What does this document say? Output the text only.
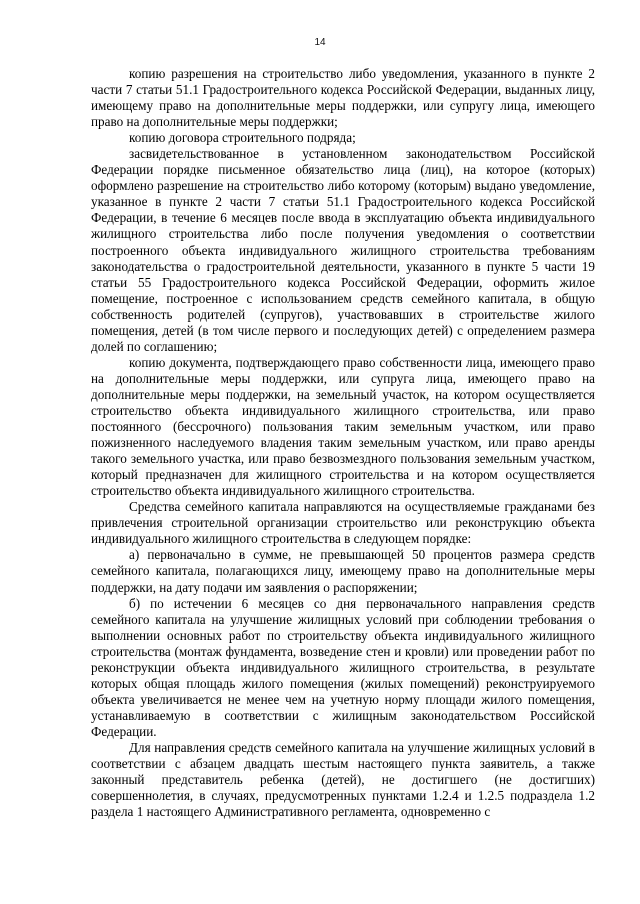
14

копию разрешения на строительство либо уведомления, указанного в пункте 2 части 7 статьи 51.1 Градостроительного кодекса Российской Федерации, выданных лицу, имеющему право на дополнительные меры поддержки, или супругу лица, имеющего право на дополнительные меры поддержки;

копию договора строительного подряда;

засвидетельствованное в установленном законодательством Российской Федерации порядке письменное обязательство лица (лиц), на которое (которых) оформлено разрешение на строительство либо которому (которым) выдано уведомление, указанное в пункте 2 части 7 статьи 51.1 Градостроительного кодекса Российской Федерации, в течение 6 месяцев после ввода в эксплуатацию объекта индивидуального жилищного строительства либо после получения уведомления о соответствии построенного объекта индивидуального жилищного строительства требованиям законодательства о градостроительной деятельности, указанного в пункте 5 части 19 статьи 55 Градостроительного кодекса Российской Федерации, оформить жилое помещение, построенное с использованием средств семейного капитала, в общую собственность родителей (супругов), участвовавших в строительстве жилого помещения, детей (в том числе первого и последующих детей) с определением размера долей по соглашению;

копию документа, подтверждающего право собственности лица, имеющего право на дополнительные меры поддержки, или супруга лица, имеющего право на дополнительные меры поддержки, на земельный участок, на котором осуществляется строительство объекта индивидуального жилищного строительства, или право постоянного (бессрочного) пользования таким земельным участком, или право пожизненного наследуемого владения таким земельным участком, или право аренды такого земельного участка, или право безвозмездного пользования земельным участком, который предназначен для жилищного строительства и на котором осуществляется строительство объекта индивидуального жилищного строительства.

Средства семейного капитала направляются на осуществляемые гражданами без привлечения строительной организации строительство или реконструкцию объекта индивидуального жилищного строительства в следующем порядке:

а) первоначально в сумме, не превышающей 50 процентов размера средств семейного капитала, полагающихся лицу, имеющему право на дополнительные меры поддержки, на дату подачи им заявления о распоряжении;

б) по истечении 6 месяцев со дня первоначального направления средств семейного капитала на улучшение жилищных условий при соблюдении требования о выполнении основных работ по строительству объекта индивидуального жилищного строительства (монтаж фундамента, возведение стен и кровли) или проведении работ по реконструкции объекта индивидуального жилищного строительства, в результате которых общая площадь жилого помещения (жилых помещений) реконструируемого объекта увеличивается не менее чем на учетную норму площади жилого помещения, устанавливаемую в соответствии с жилищным законодательством Российской Федерации.

Для направления средств семейного капитала на улучшение жилищных условий в соответствии с абзацем двадцать шестым настоящего пункта заявитель, а также законный представитель ребенка (детей), не достигшего (не достигших) совершеннолетия, в случаях, предусмотренных пунктами 1.2.4 и 1.2.5 подраздела 1.2 раздела 1 настоящего Административного регламента, одновременно с
